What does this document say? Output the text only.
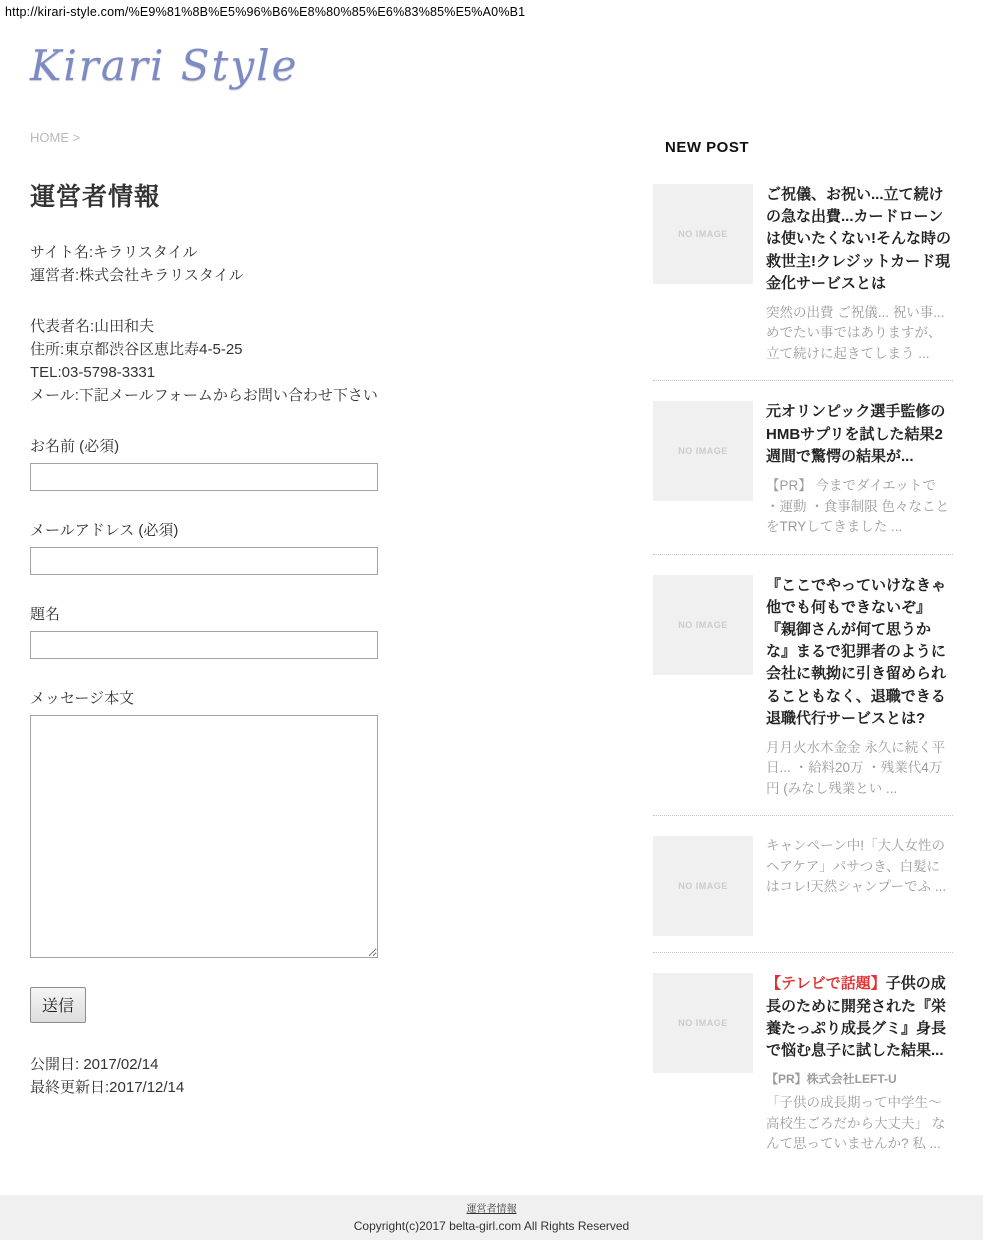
http://kirari-style.com/%E9%81%8B%E5%96%B6%E8%80%85%E6%83%85%E5%A0%B1
Kirari Style
HOME >
運営者情報

サイト名:キラリスタイル

運営者:株式会社キラリスタイル

代表者名:山田和夫

住所:東京都渋谷区恵比寿4-5-25

TEL:03-5798-3331

メール:下記メールフォームからお問い合わせ下さい

お名前 (必須)
メールアドレス (必須)
題名
メッセージ本文
送信

公開日: 2017/02/14

最終更新日:2017/12/14

NEW POST
NO IMAGE
ご祝儀、お祝い...立て続けの急な出費...カードローンは使いたくない!そんな時の救世主!クレジットカード現金化サービスとは
突然の出費 ご祝儀... 祝い事... めでたい事ではありますが、立て続けに起きてしまう ...
NO IMAGE
元オリンピック選手監修のHMBサプリを試した結果2週間で驚愕の結果が...
【PR】 今までダイエットで ・運動 ・食事制限 色々なことをTRYしてきました ...
NO IMAGE
『ここでやっていけなきゃ他でも何もできないぞ』『親御さんが何て思うかな』まるで犯罪者のように会社に執拗に引き留められることもなく、退職できる退職代行サービスとは?
月月火水木金金 永久に続く平日... ・給料20万 ・残業代4万円 (みなし残業とい ...
NO IMAGE
キャンペーン中!「大人女性のヘアケア」パサつき、白髪にはコレ!天然シャンプーでふ ...
NO IMAGE
【テレビで話題】子供の成長のために開発された『栄養たっぷり成長グミ』身長で悩む息子に試した結果...
【PR】株式会社LEFT-U
「子供の成長期って中学生〜高校生ごろだから大丈夫」 なんて思っていませんか? 私 ...
運営者情報
Copyright(c)2017 belta-girl.com All Rights Reserved
